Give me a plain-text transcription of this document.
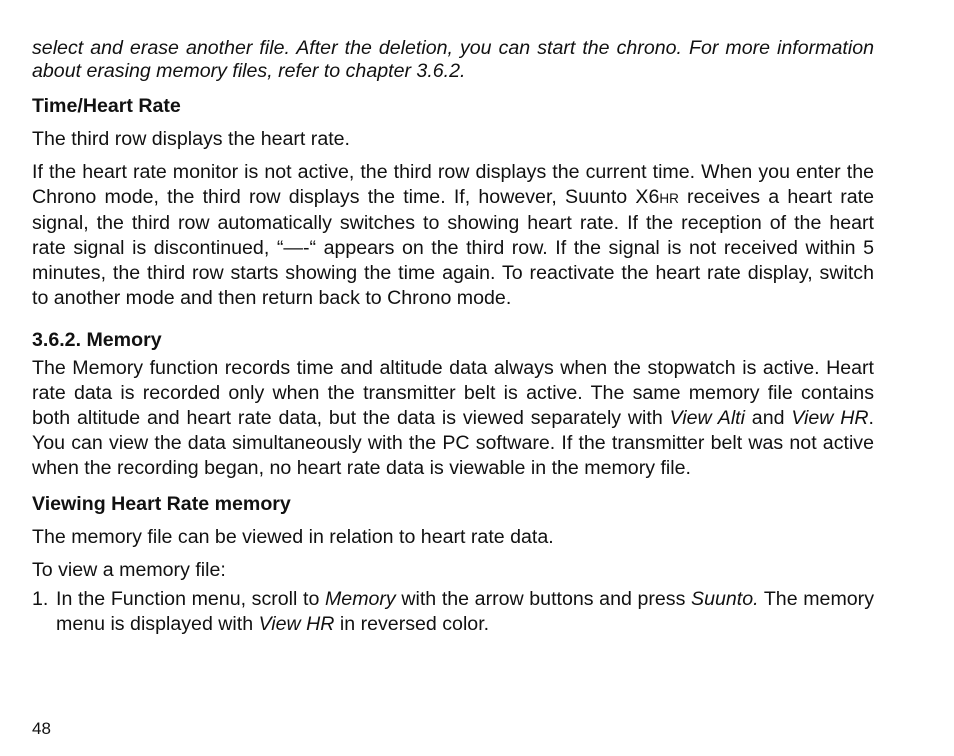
select and erase another file. After the deletion, you can start the chrono. For more information about erasing memory files, refer to chapter 3.6.2.

Time/Heart Rate

The third row displays the heart rate.

If the heart rate monitor is not active, the third row displays the current time. When you enter the Chrono mode, the third row displays the time. If, however, Suunto X6HR receives a heart rate signal, the third row automatically switches to showing heart rate. If the reception of the heart rate signal is discontinued, “—-“ appears on the third row. If the signal is not received within 5 minutes, the third row starts showing the time again. To reactivate the heart rate display, switch to another mode and then return back to Chrono mode.

3.6.2. Memory

The Memory function records time and altitude data always when the stopwatch is active. Heart rate data is recorded only when the transmitter belt is active. The same memory file contains both altitude and heart rate data, but the data is viewed separately with View Alti and View HR. You can view the data simultaneously with the PC software. If the transmitter belt was not active when the recording began, no heart rate data is viewable in the memory file.

Viewing Heart Rate memory

The memory file can be viewed in relation to heart rate data.

To view a memory file:

1. In the Function menu, scroll to Memory with the arrow buttons and press Suunto. The memory menu is displayed with View HR in reversed color.
48
